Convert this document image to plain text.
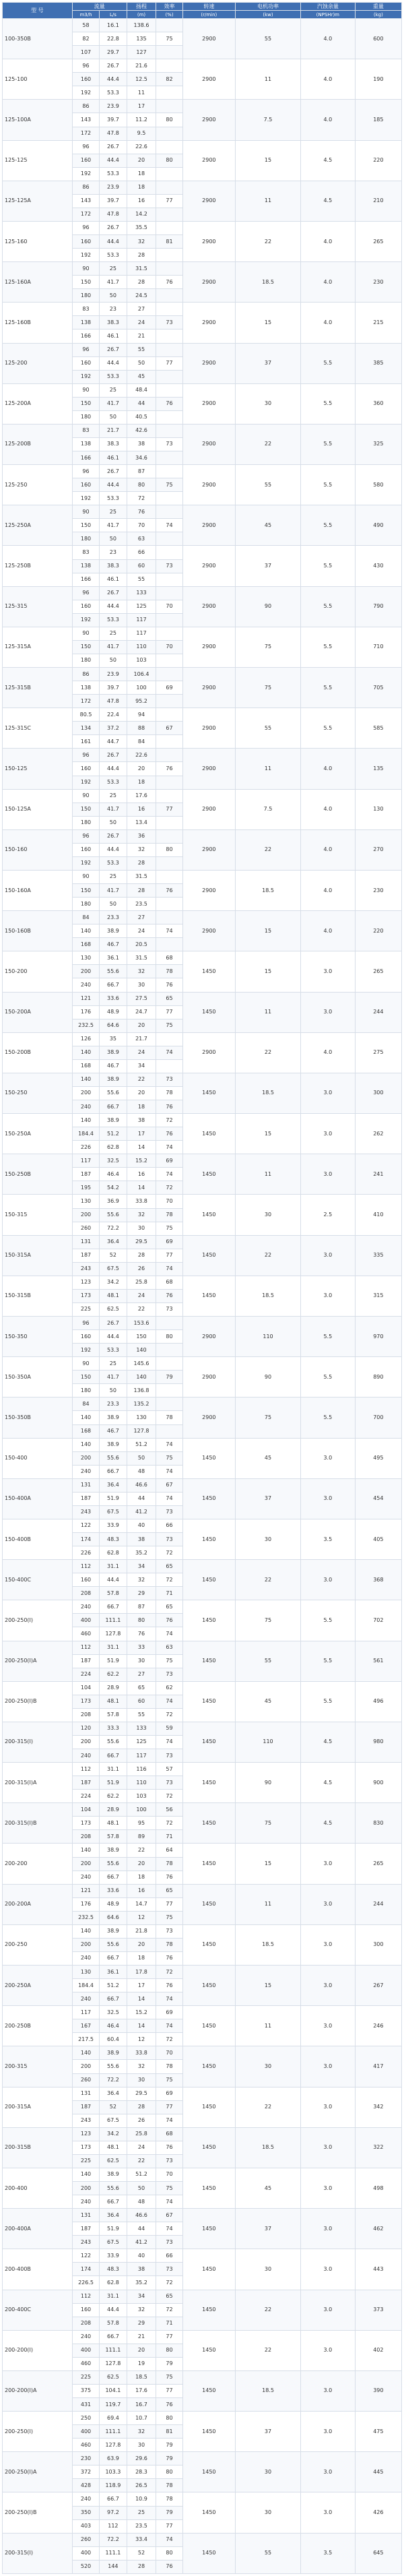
型 号	流量		扬程	效率	转速	电机功率	汽蚀余量	重量
	m3/h	L/s	(m)	(%)	(r/min)	(kw)	(NPSHr)m	(kg)
100-350B	58	16.1	138.6		2900	55	4.0	600
	82	22.8	135	75				
	107	29.7	127					
125-100	96	26.7	21.6		2900	11	4.0	190
	160	44.4	12.5	82				
	192	53.3	11					
125-100A	86	23.9	17		2900	7.5	4.0	185
	143	39.7	11.2	80				
	172	47.8	9.5					
125-125	96	26.7	22.6		2900	15	4.5	220
	160	44.4	20	80				
	192	53.3	18					
125-125A	86	23.9	18		2900	11	4.5	210
	143	39.7	16	77				
	172	47.8	14.2					
125-160	96	26.7	35.5		2900	22	4.0	265
	160	44.4	32	81				
	192	53.3	28					
125-160A	90	25	31.5		2900	18.5	4.0	230
	150	41.7	28	76				
	180	50	24.5					
125-160B	83	23	27		2900	15	4.0	215
	138	38.3	24	73				
	166	46.1	21					
125-200	96	26.7	55		2900	37	5.5	385
	160	44.4	50	77				
	192	53.3	45					
125-200A	90	25	48.4		2900	30	5.5	360
	150	41.7	44	76				
	180	50	40.5					
125-200B	83	21.7	42.6		2900	22	5.5	325
	138	38.3	38	73				
	166	46.1	34.6					
125-250	96	26.7	87		2900	55	5.5	580
	160	44.4	80	75				
	192	53.3	72					
125-250A	90	25	76		2900	45	5.5	490
	150	41.7	70	74				
	180	50	63					
125-250B	83	23	66		2900	37	5.5	430
	138	38.3	60	73				
	166	46.1	55					
125-315	96	26.7	133		2900	90	5.5	790
	160	44.4	125	70				
	192	53.3	117					
125-315A	90	25	117		2900	75	5.5	710
	150	41.7	110	70				
	180	50	103					
125-315B	86	23.9	106.4		2900	75	5.5	705
	138	39.7	100	69				
	172	47.8	95.2					
125-315C	80.5	22.4	94		2900	55	5.5	585
	134	37.2	88	67				
	161	44.7	84					
150-125	96	26.7	22.6		2900	11	4.0	135
	160	44.4	20	76				
	192	53.3	18					
150-125A	90	25	17.6		2900	7.5	4.0	130
	150	41.7	16	77				
	180	50	13.4					
150-160	96	26.7	36		2900	22	4.0	270
	160	44.4	32	80				
	192	53.3	28					
150-160A	90	25	31.5		2900	18.5	4.0	230
	150	41.7	28	76				
	180	50	23.5					
150-160B	84	23.3	27		2900	15	4.0	220
	140	38.9	24	74				
	168	46.7	20.5					
150-200	130	36.1	31.5	68	1450	15	3.0	265
	200	55.6	32	78				
	240	66.7	30	76				
150-200A	121	33.6	27.5	65	1450	11	3.0	244
	176	48.9	24.7	77				
	232.5	64.6	20	75				
150-200B	126	35	21.7		2900	22	4.0	275
	140	38.9	24	74				
	168	46.7	34					
150-250	140	38.9	22	73	1450	18.5	3.0	300
	200	55.6	20	78				
	240	66.7	18	76				
150-250A	140	38.9	38	72	1450	15	3.0	262
	184.4	51.2	17	76				
	226	62.8	14	74				
150-250B	117	32.5	15.2	69	1450	11	3.0	241
	187	46.4	16	74				
	195	54.2	14	72				
150-315	130	36.9	33.8	70	1450	30	2.5	410
	200	55.6	32	78				
	260	72.2	30	75				
150-315A	131	36.4	29.5	69	1450	22	3.0	335
	187	52	28	77				
	243	67.5	26	74				
150-315B	123	34.2	25.8	68	1450	18.5	3.0	315
	173	48.1	24	76				
	225	62.5	22	73				
150-350	96	26.7	153.6		2900	110	5.5	970
	160	44.4	150	80				
	192	53.3	140					
150-350A	90	25	145.6		2900	90	5.5	890
	150	41.7	140	79				
	180	50	136.8					
150-350B	84	23.3	135.2		2900	75	5.5	700
	140	38.9	130	78				
	168	46.7	127.8					
150-400	140	38.9	51.2	74	1450	45	3.0	495
	200	55.6	50	75				
	240	66.7	48	74				
150-400A	131	36.4	46.6	67	1450	37	3.0	454
	187	51.9	44	74				
	243	67.5	41.2	73				
150-400B	122	33.9	40	66	1450	30	3.5	405
	174	48.3	38	73				
	226	62.8	35.2	72				
150-400C	112	31.1	34	65	1450	22	3.0	368
	160	44.4	32	72				
	208	57.8	29	71				
200-250(I)	240	66.7	87	65	1450	75	5.5	702
	400	111.1	80	76				
	460	127.8	76	74				
200-250(I)A	112	31.1	33	63	1450	55	5.5	561
	187	51.9	30	75				
	224	62.2	27	73				
200-250(I)B	104	28.9	65	62	1450	45	5.5	496
	173	48.1	60	74				
	208	57.8	55	72				
200-315(I)	120	33.3	133	59	1450	110	4.5	980
	200	55.6	125	74				
	240	66.7	117	73				
200-315(I)A	112	31.1	116	57	1450	90	4.5	900
	187	51.9	110	73				
	224	62.2	103	72				
200-315(I)B	104	28.9	100	56	1450	75	4.5	830
	173	48.1	95	72				
	208	57.8	89	71				
200-200	140	38.9	22	64	1450	15	3.0	265
	200	55.6	20	78				
	240	66.7	18	76				
200-200A	121	33.6	16	65	1450	11	3.0	244
	176	48.9	14.7	77				
	232.5	64.6	12	75				
200-250	140	38.9	21.8	73	1450	18.5	3.0	300
	200	55.6	20	78				
	240	66.7	18	76				
200-250A	130	36.1	17.8	72	1450	15	3.0	267
	184.4	51.2	17	76				
	240	66.7	14	74				
200-250B	117	32.5	15.2	69	1450	11	3.0	246
	167	46.4	14	74				
	217.5	60.4	12	72				
200-315	140	38.9	33.8	70	1450	30	3.0	417
	200	55.6	32	78				
	260	72.2	30	75				
200-315A	131	36.4	29.5	69	1450	22	3.0	342
	187	52	28	77				
	243	67.5	26	74				
200-315B	123	34.2	25.8	68	1450	18.5	3.0	322
	173	48.1	24	76				
	225	62.5	22	73				
200-400	140	38.9	51.2	70	1450	45	3.0	498
	200	55.6	50	75				
	240	66.7	48	74				
200-400A	131	36.4	46.6	67	1450	37	3.0	462
	187	51.9	44	74				
	243	67.5	41.2	73				
200-400B	122	33.9	40	66	1450	30	3.0	443
	174	48.3	38	73				
	226.5	62.8	35.2	72				
200-400C	112	31.1	34	65	1450	22	3.0	373
	160	44.4	32	72				
	208	57.8	29	71				
200-200(I)	240	66.7	21	77	1450	22	3.0	402
	400	111.1	20	80				
	460	127.8	19	79				
200-200(I)A	225	62.5	18.5	75	1450	18.5	3.0	390
	375	104.1	17.6	77				
	431	119.7	16.7	76				
200-250(I)	250	69.4	10.7	80	1450	37	3.0	475
	400	111.1	32	81				
	460	127.8	30	79				
200-250(I)A	230	63.9	29.6	79	1450	30	3.0	445
	372	103.3	28.3	80				
	428	118.9	26.5	78				
200-250(I)B	240	66.7	10.9	78	1450	30	3.0	426
	350	97.2	25	79				
	403	112	23.5	77				
200-315(I)	260	72.2	33.4	74	1450	55	3.5	645
	400	111.1	52	80				
	520	144	28	76				
